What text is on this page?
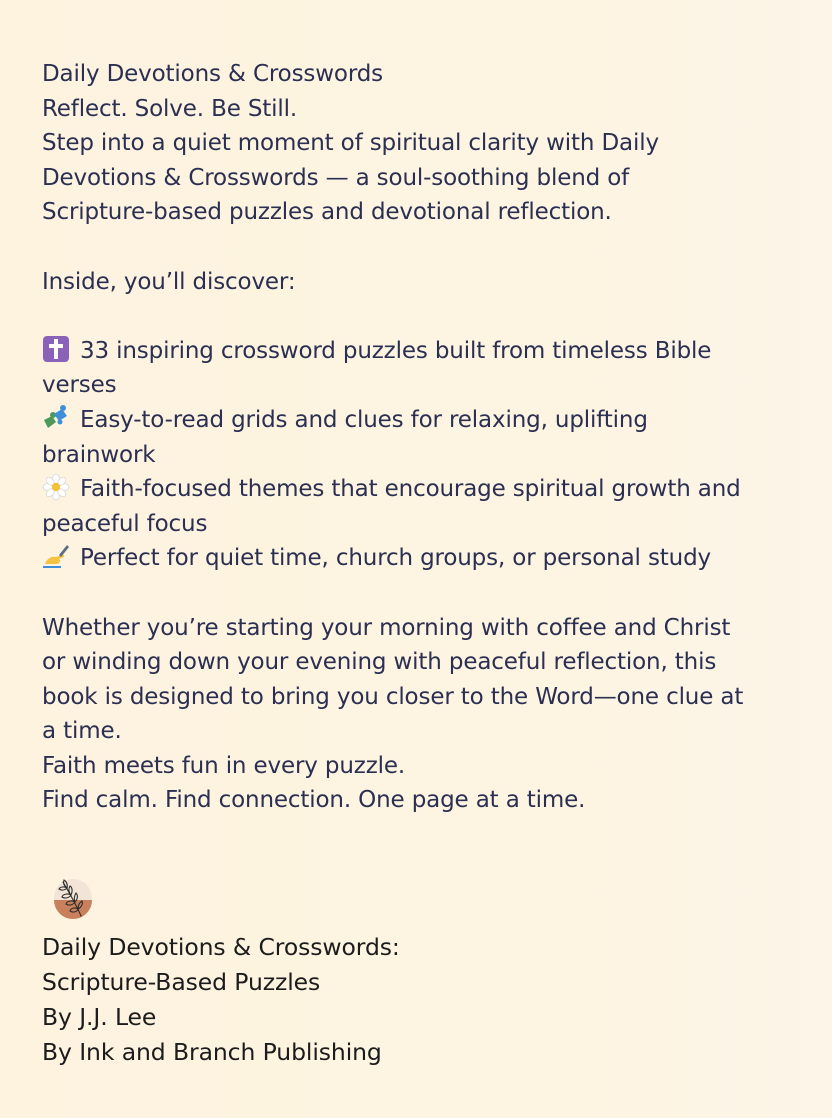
Daily Devotions & Crosswords

Reflect. Solve. Be Still.

Step into a quiet moment of spiritual clarity with Daily

Devotions & Crosswords — a soul-soothing blend of

Scripture-based puzzles and devotional reflection.

Inside, you’ll discover:

33 inspiring crossword puzzles built from timeless Bible

verses

Easy-to-read grids and clues for relaxing, uplifting

brainwork

Faith-focused themes that encourage spiritual growth and

peaceful focus

Perfect for quiet time, church groups, or personal study

Whether you’re starting your morning with coffee and Christ

or winding down your evening with peaceful reflection, this

book is designed to bring you closer to the Word—one clue at

a time.

Faith meets fun in every puzzle.

Find calm. Find connection. One page at a time.

Daily Devotions & Crosswords:

Scripture-Based Puzzles

By J.J. Lee

By Ink and Branch Publishing
